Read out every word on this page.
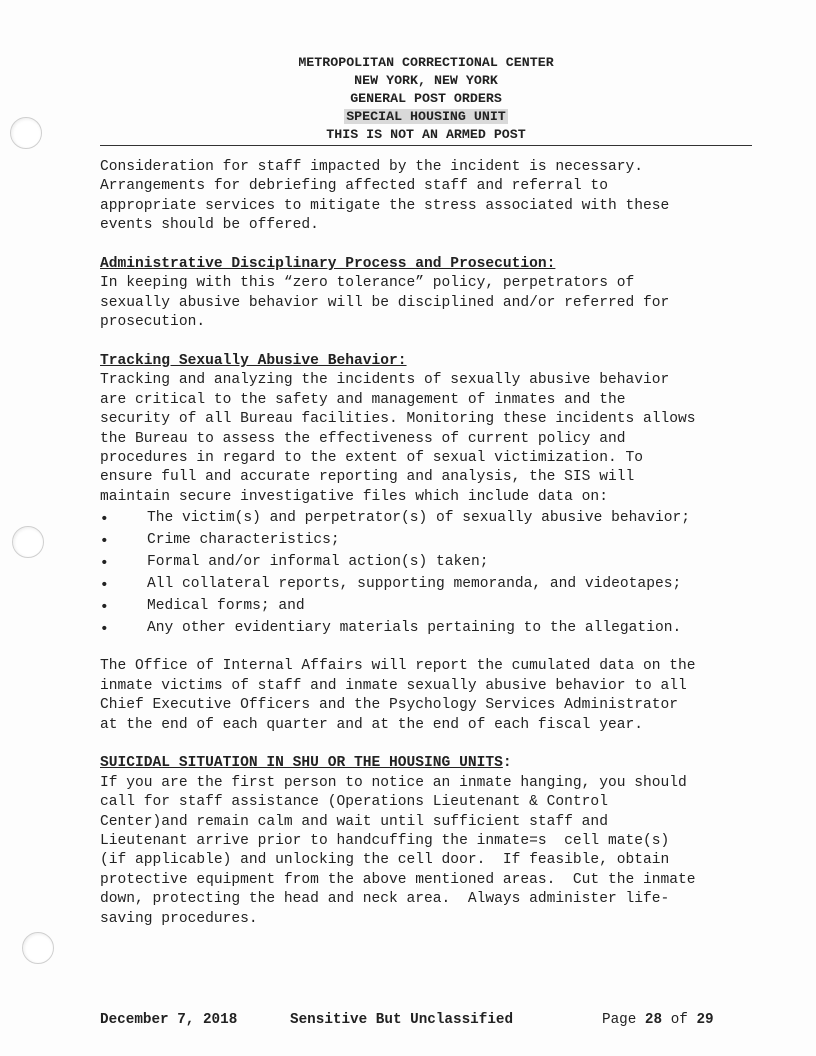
METROPOLITAN CORRECTIONAL CENTER
NEW YORK, NEW YORK
GENERAL POST ORDERS
SPECIAL HOUSING UNIT
THIS IS NOT AN ARMED POST

Consideration for staff impacted by the incident is necessary.

Arrangements for debriefing affected staff and referral to

appropriate services to mitigate the stress associated with these

events should be offered.

Administrative Disciplinary Process and Prosecution:

In keeping with this “zero tolerance” policy, perpetrators of

sexually abusive behavior will be disciplined and/or referred for

prosecution.

Tracking Sexually Abusive Behavior:

Tracking and analyzing the incidents of sexually abusive behavior

are critical to the safety and management of inmates and the

security of all Bureau facilities. Monitoring these incidents allows

the Bureau to assess the effectiveness of current policy and

procedures in regard to the extent of sexual victimization. To

ensure full and accurate reporting and analysis, the SIS will

maintain secure investigative files which include data on:

• The victim(s) and perpetrator(s) of sexually abusive behavior;
• Crime characteristics;
• Formal and/or informal action(s) taken;
• All collateral reports, supporting memoranda, and videotapes;
• Medical forms; and
• Any other evidentiary materials pertaining to the allegation.

The Office of Internal Affairs will report the cumulated data on the

inmate victims of staff and inmate sexually abusive behavior to all

Chief Executive Officers and the Psychology Services Administrator

at the end of each quarter and at the end of each fiscal year.

SUICIDAL SITUATION IN SHU OR THE HOUSING UNITS:

If you are the first person to notice an inmate hanging, you should

call for staff assistance (Operations Lieutenant & Control

Center)and remain calm and wait until sufficient staff and

Lieutenant arrive prior to handcuffing the inmate=s  cell mate(s)

(if applicable) and unlocking the cell door.  If feasible, obtain

protective equipment from the above mentioned areas.  Cut the inmate

down, protecting the head and neck area.  Always administer life-

saving procedures.

December 7, 2018	Sensitive But Unclassified	Page 28 of 29
